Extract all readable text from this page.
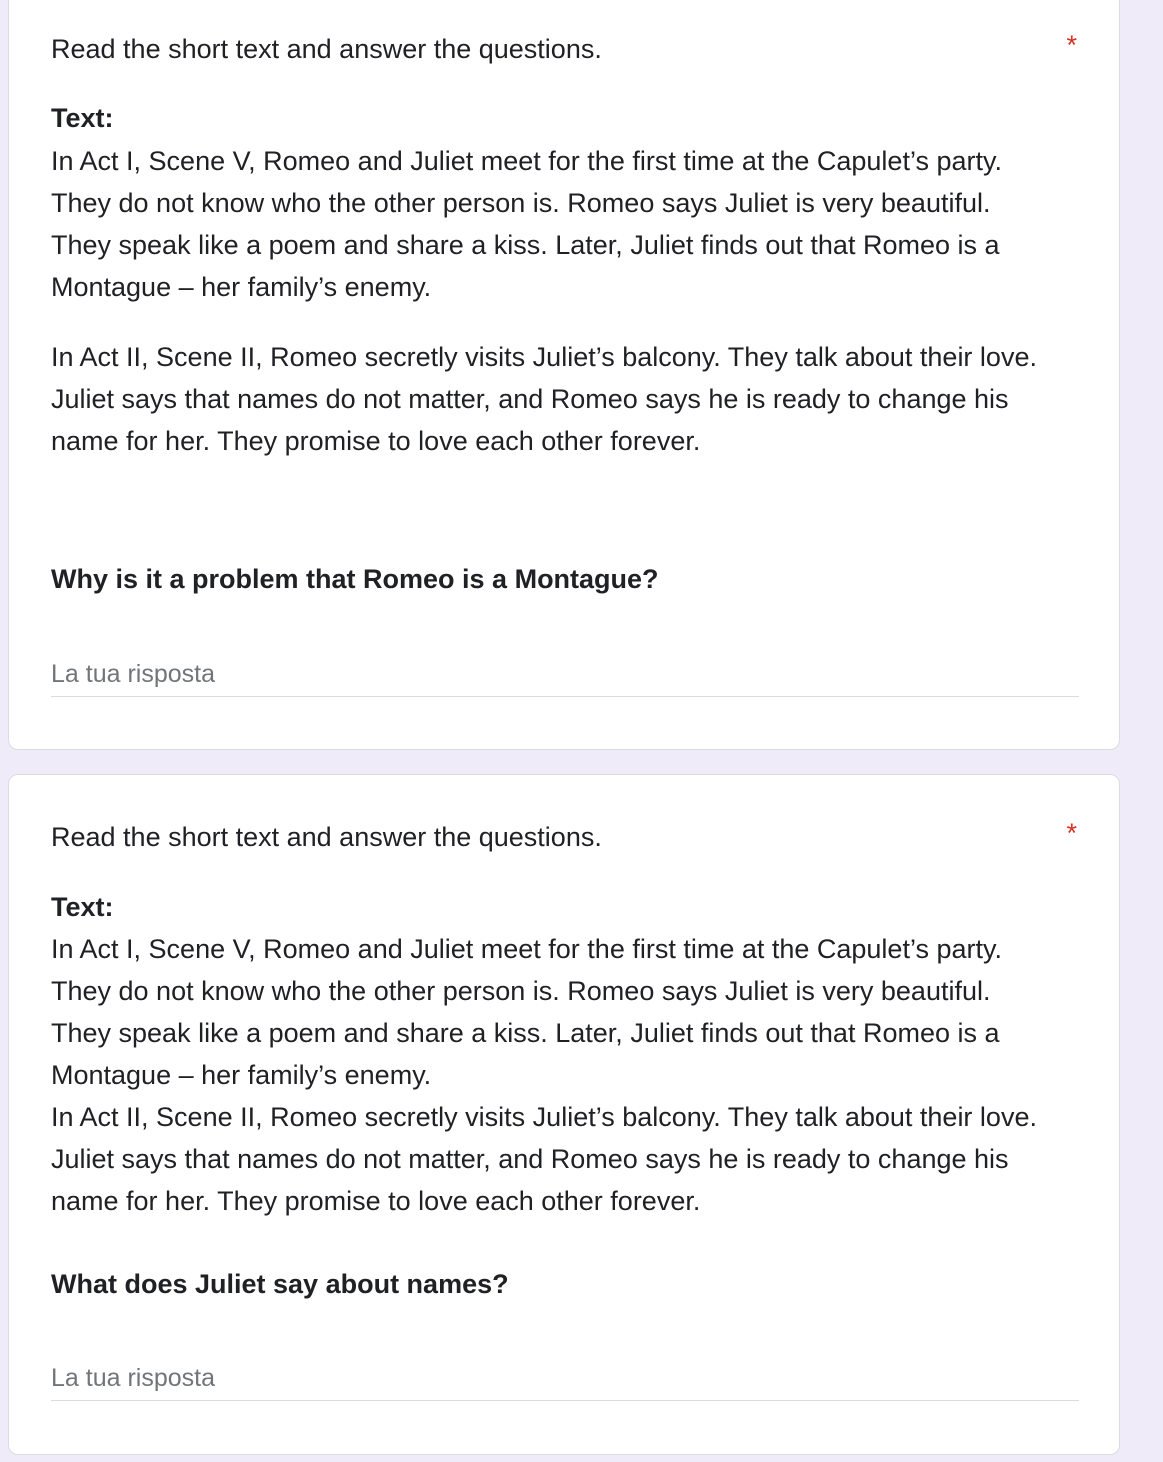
Read the short text and answer the questions.	*
Text:
In Act I, Scene V, Romeo and Juliet meet for the first time at the Capulet’s party.
They do not know who the other person is. Romeo says Juliet is very beautiful.
They speak like a poem and share a kiss. Later, Juliet finds out that Romeo is a
Montague – her family’s enemy.
In Act II, Scene II, Romeo secretly visits Juliet’s balcony. They talk about their love.
Juliet says that names do not matter, and Romeo says he is ready to change his
name for her. They promise to love each other forever.
Why is it a problem that Romeo is a Montague?
La tua risposta
Read the short text and answer the questions.	*
Text:
In Act I, Scene V, Romeo and Juliet meet for the first time at the Capulet’s party.
They do not know who the other person is. Romeo says Juliet is very beautiful.
They speak like a poem and share a kiss. Later, Juliet finds out that Romeo is a
Montague – her family’s enemy.
In Act II, Scene II, Romeo secretly visits Juliet’s balcony. They talk about their love.
Juliet says that names do not matter, and Romeo says he is ready to change his
name for her. They promise to love each other forever.
What does Juliet say about names?
La tua risposta
